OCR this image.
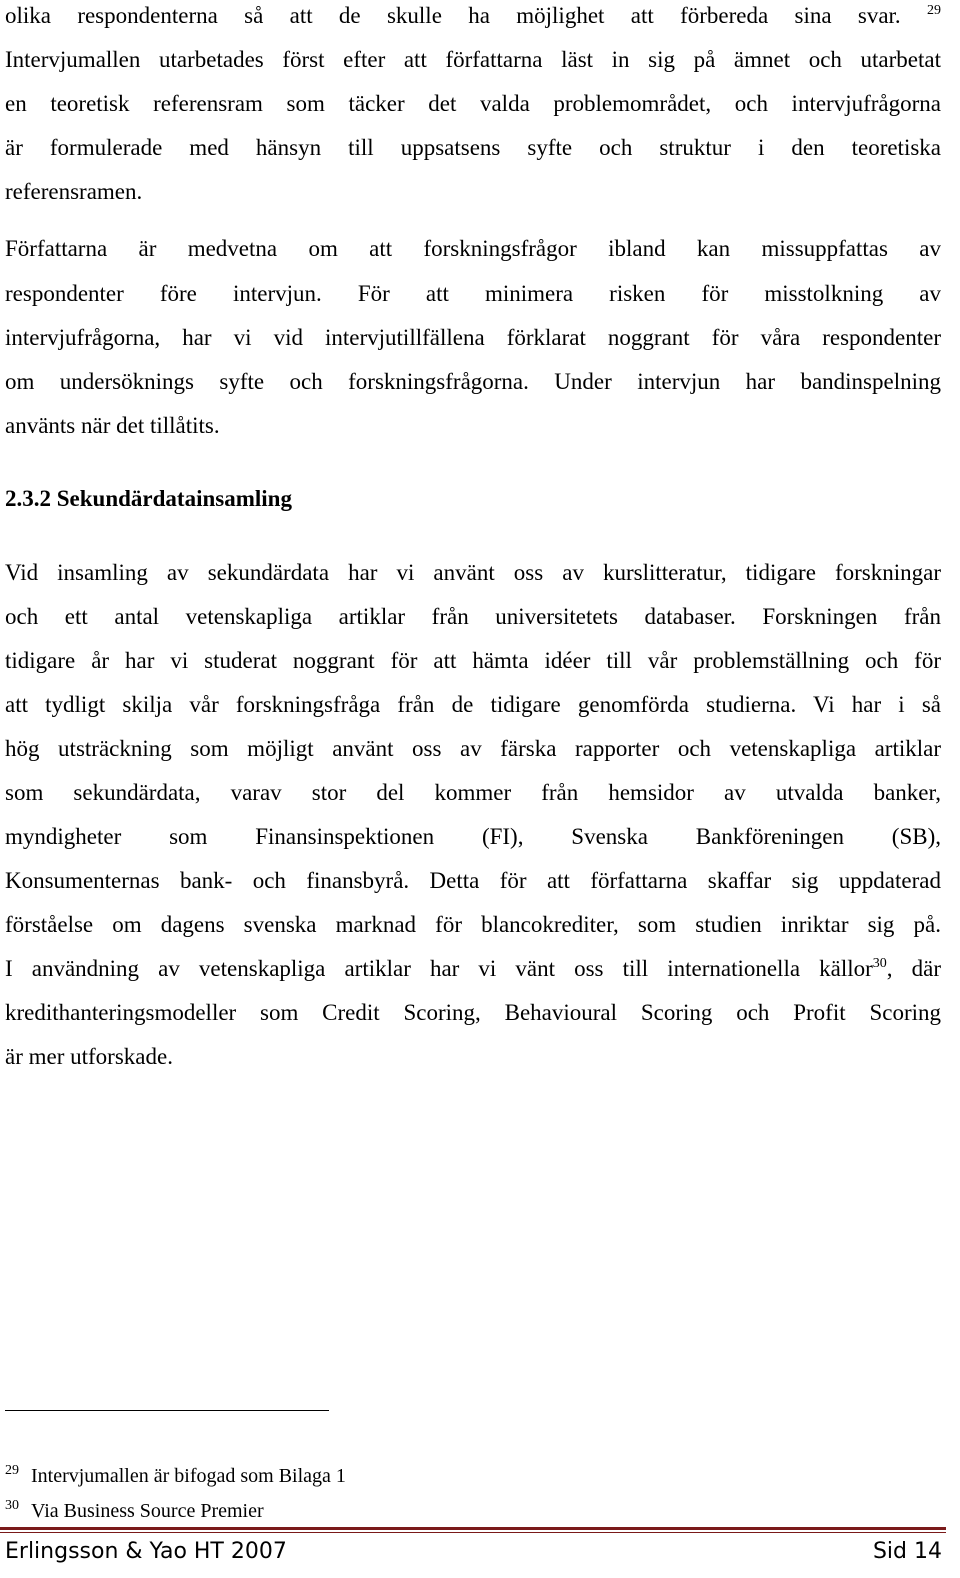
olika respondenterna så att de skulle ha möjlighet att förbereda sina svar. $^{29}$
Intervjumallen utarbetades först efter att författarna läst in sig på ämnet och utarbetat
en teoretisk referensram som täcker det valda problemområdet, och intervjufrågorna
är formulerade med hänsyn till uppsatsens syfte och struktur i den teoretiska
referensramen.
Författarna är medvetna om att forskningsfrågor ibland kan missuppfattas av
respondenter före intervjun. För att minimera risken för misstolkning av
intervjufrågorna, har vi vid intervjutillfällena förklarat noggrant för våra respondenter
om undersöknings syfte och forskningsfrågorna. Under intervjun har bandinspelning
använts när det tillåtits.
2.3.2 Sekundärdatainsamling
Vid insamling av sekundärdata har vi använt oss av kurslitteratur, tidigare forskningar
och ett antal vetenskapliga artiklar från universitetets databaser. Forskningen från
tidigare år har vi studerat noggrant för att hämta idéer till vår problemställning och för
att tydligt skilja vår forskningsfråga från de tidigare genomförda studierna. Vi har i så
hög utsträckning som möjligt använt oss av färska rapporter och vetenskapliga artiklar
som sekundärdata, varav stor del kommer från hemsidor av utvalda banker,
myndigheter som Finansinspektionen (FI), Svenska Bankföreningen (SB),
Konsumenternas bank- och finansbyrå. Detta för att författarna skaffar sig uppdaterad
förståelse om dagens svenska marknad för blancokrediter, som studien inriktar sig på.
I användning av vetenskapliga artiklar har vi vänt oss till internationella källor$^{30}$, där
kredithanteringsmodeller som Credit Scoring, Behavioural Scoring och Profit Scoring
är mer utforskade.
29 Intervjumallen är bifogad som Bilaga 1
30 Via Business Source Premier
Erlingsson & Yao HT 2007	Sid 14
